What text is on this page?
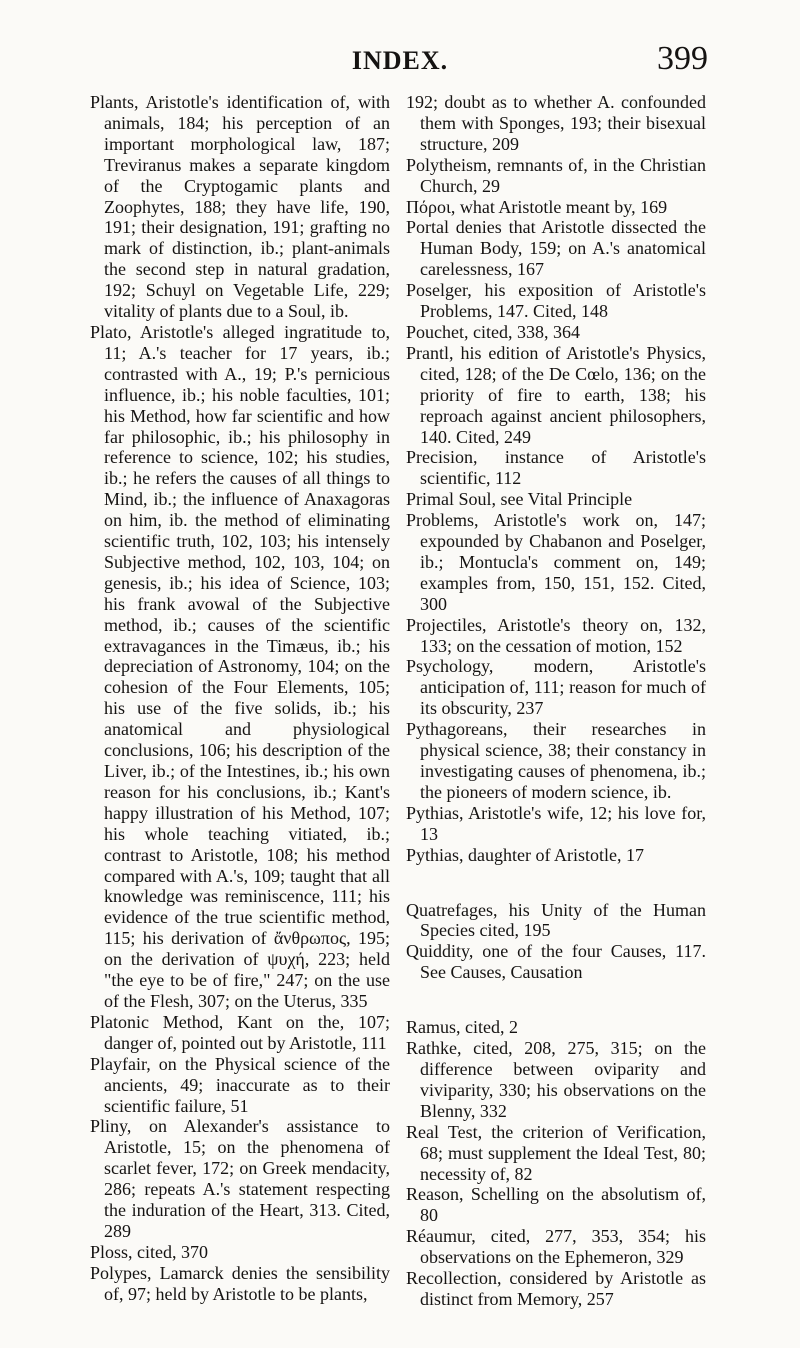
INDEX.	399

Plants, Aristotle's identification of, with animals, 184; his perception of an important morphological law, 187; Treviranus makes a separate kingdom of the Cryptogamic plants and Zoophytes, 188; they have life, 190, 191; their designation, 191; grafting no mark of distinction, ib.; plant-animals the second step in natural gradation, 192; Schuyl on Vegetable Life, 229; vitality of plants due to a Soul, ib.

Plato, Aristotle's alleged ingratitude to, 11; A.'s teacher for 17 years, ib.; contrasted with A., 19; P.'s pernicious influence, ib.; his noble faculties, 101; his Method, how far scientific and how far philosophic, ib.; his philosophy in reference to science, 102; his studies, ib.; he refers the causes of all things to Mind, ib.; the influence of Anaxagoras on him, ib. the method of eliminating scientific truth, 102, 103; his intensely Subjective method, 102, 103, 104; on genesis, ib.; his idea of Science, 103; his frank avowal of the Subjective method, ib.; causes of the scientific extravagances in the Timæus, ib.; his depreciation of Astronomy, 104; on the cohesion of the Four Elements, 105; his use of the five solids, ib.; his anatomical and physiological conclusions, 106; his description of the Liver, ib.; of the Intestines, ib.; his own reason for his conclusions, ib.; Kant's happy illustration of his Method, 107; his whole teaching vitiated, ib.; contrast to Aristotle, 108; his method compared with A.'s, 109; taught that all knowledge was reminiscence, 111; his evidence of the true scientific method, 115; his derivation of ἄνθρωπος, 195; on the derivation of ψυχή, 223; held "the eye to be of fire," 247; on the use of the Flesh, 307; on the Uterus, 335

Platonic Method, Kant on the, 107; danger of, pointed out by Aristotle, 111

Playfair, on the Physical science of the ancients, 49; inaccurate as to their scientific failure, 51

Pliny, on Alexander's assistance to Aristotle, 15; on the phenomena of scarlet fever, 172; on Greek mendacity, 286; repeats A.'s statement respecting the induration of the Heart, 313. Cited, 289

Ploss, cited, 370

Polypes, Lamarck denies the sensibility of, 97; held by Aristotle to be plants,

192; doubt as to whether A. confounded them with Sponges, 193; their bisexual structure, 209

Polytheism, remnants of, in the Christian Church, 29

Πόροι, what Aristotle meant by, 169

Portal denies that Aristotle dissected the Human Body, 159; on A.'s anatomical carelessness, 167

Poselger, his exposition of Aristotle's Problems, 147. Cited, 148

Pouchet, cited, 338, 364

Prantl, his edition of Aristotle's Physics, cited, 128; of the De Cœlo, 136; on the priority of fire to earth, 138; his reproach against ancient philosophers, 140. Cited, 249

Precision, instance of Aristotle's scientific, 112

Primal Soul, see Vital Principle

Problems, Aristotle's work on, 147; expounded by Chabanon and Poselger, ib.; Montucla's comment on, 149; examples from, 150, 151, 152. Cited, 300

Projectiles, Aristotle's theory on, 132, 133; on the cessation of motion, 152

Psychology, modern, Aristotle's anticipation of, 111; reason for much of its obscurity, 237

Pythagoreans, their researches in physical science, 38; their constancy in investigating causes of phenomena, ib.; the pioneers of modern science, ib.

Pythias, Aristotle's wife, 12; his love for, 13

Pythias, daughter of Aristotle, 17

Quatrefages, his Unity of the Human Species cited, 195

Quiddity, one of the four Causes, 117. See Causes, Causation

Ramus, cited, 2

Rathke, cited, 208, 275, 315; on the difference between oviparity and viviparity, 330; his observations on the Blenny, 332

Real Test, the criterion of Verification, 68; must supplement the Ideal Test, 80; necessity of, 82

Reason, Schelling on the absolutism of, 80

Réaumur, cited, 277, 353, 354; his observations on the Ephemeron, 329

Recollection, considered by Aristotle as distinct from Memory, 257
